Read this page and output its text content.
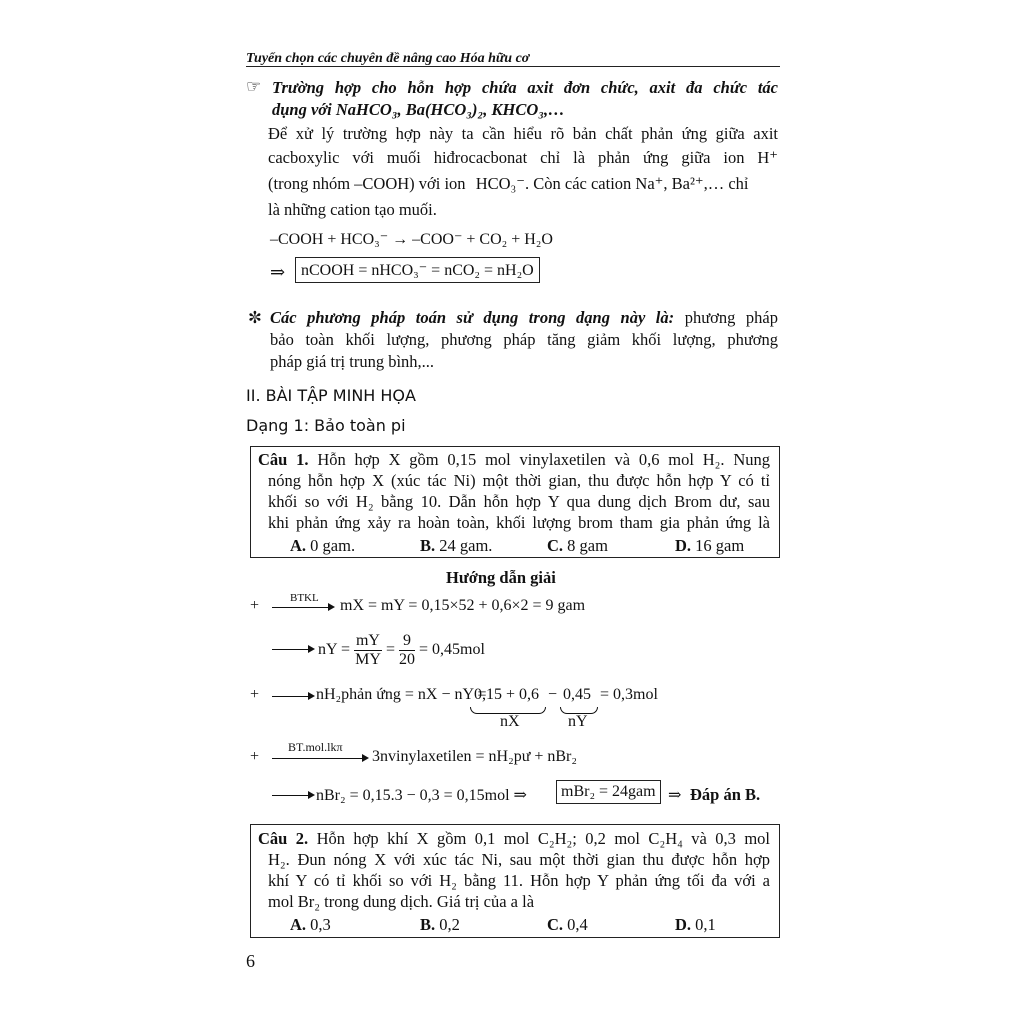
Tuyển chọn các chuyên đề nâng cao Hóa hữu cơ
☞ Trường hợp cho hỗn hợp chứa axit đơn chức, axit đa chức tác
dụng với NaHCO₃, Ba(HCO₃)₂, KHCO₃,…
Để xử lý trường hợp này ta cần hiểu rõ bản chất phản ứng giữa axit
cacboxylic với muối hiđrocacbonat chỉ là phản ứng giữa ion H⁺
(trong nhóm –COOH) với ion HCO₃⁻. Còn các cation Na⁺, Ba²⁺,… chỉ
là những cation tạo muối.
–COOH + HCO₃⁻ → –COO⁻ + CO₂ + H₂O
⇒ nCOOH = nHCO₃⁻ = nCO₂ = nH₂O
✼ Các phương pháp toán sử dụng trong dạng này là: phương pháp
bảo toàn khối lượng, phương pháp tăng giảm khối lượng, phương
pháp giá trị trung bình,...
II. BÀI TẬP MINH HỌA
Dạng 1: Bảo toàn pi
Câu 1. Hỗn hợp X gồm 0,15 mol vinylaxetilen và 0,6 mol H₂. Nung
nóng hỗn hợp X (xúc tác Ni) một thời gian, thu được hỗn hợp Y có tỉ
khối so với H₂ bằng 10. Dẫn hỗn hợp Y qua dung dịch Brom dư, sau
khi phản ứng xảy ra hoàn toàn, khối lượng brom tham gia phản ứng là
A. 0 gam.	B. 24 gam.	C. 8 gam	D. 16 gam
Hướng dẫn giải
+	BTKL mX = mY = 0,15×52 + 0,6×2 = 9 gam
nY = $\frac{mY}{MY} = \frac{9}{20} = 0,45mol$
+	nH₂phản ứng = nX − nY =
0,15 + 0,6
nX
− 0,45
nY
= 0,3mol
+
BT.mol.lkπ
3nvinylaxetilen = nH₂pư + nBr₂
nBr₂ = 0,15.3 − 0,3 = 0,15mol ⇒	mBr₂ = 24gam ⇒ Đáp án B.
Câu 2. Hỗn hợp khí X gồm 0,1 mol C₂H₂; 0,2 mol C₂H₄ và 0,3 mol
H₂. Đun nóng X với xúc tác Ni, sau một thời gian thu được hỗn hợp
khí Y có tỉ khối so với H₂ bằng 11. Hỗn hợp Y phản ứng tối đa với a
mol Br₂ trong dung dịch. Giá trị của a là
A. 0,3	B. 0,2	C. 0,4	D. 0,1
6
